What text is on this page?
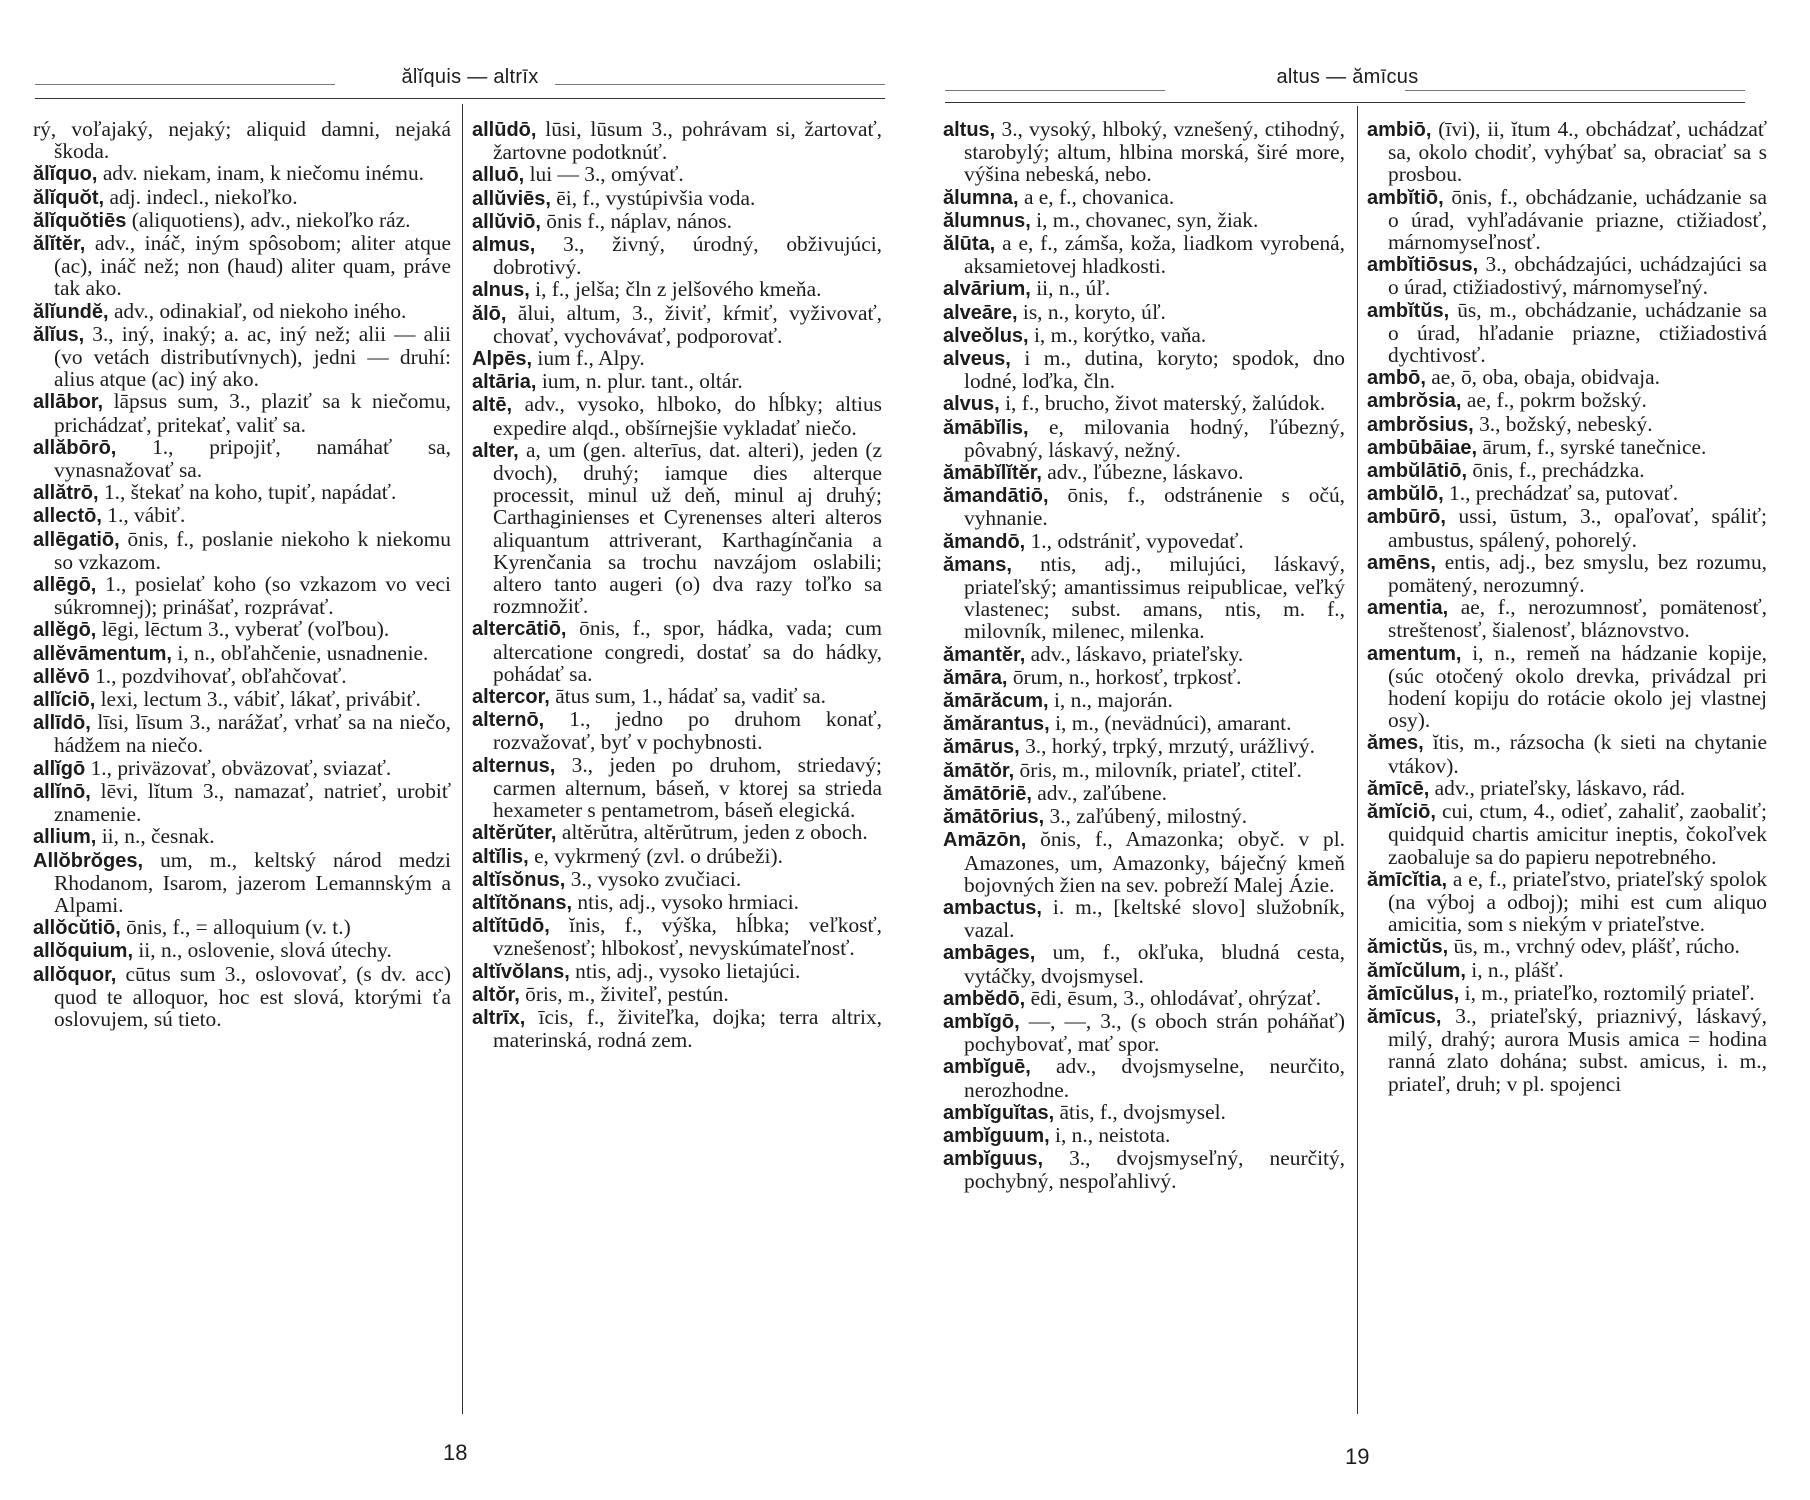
ălĭquis — altrīx

rý, voľajaký, nejaký; aliquid damni, nejaká škoda.

ălĭquo, adv. niekam, inam, k niečomu inému.

ălĭquŏt, adj. indecl., niekoľko.

ălĭquŏtiēs (aliquotiens), adv., niekoľko ráz.

ălĭtĕr, adv., ináč, iným spôsobom; aliter atque (ac), ináč než; non (haud) aliter quam, práve tak ako.

ălĭundĕ, adv., odinakiaľ, od niekoho iného.

ălĭus, 3., iný, inaký; a. ac, iný než; alii — alii (vo vetách distributívnych), jedni — druhí: alius atque (ac) iný ako.

allābor, lāpsus sum, 3., plaziť sa k niečomu, prichádzať, pritekať, valiť sa.

allăbōrō, 1., pripojiť, namáhať sa, vynasnažovať sa.

allătrō, 1., štekať na koho, tupiť, napádať.

allectō, 1., vábiť.

allēgatiō, ōnis, f., poslanie niekoho k niekomu so vzkazom.

allēgō, 1., posielať koho (so vzkazom vo veci súkromnej); prinášať, rozprávať.

allĕgō, lēgi, lēctum 3., vyberať (voľbou).

allĕvāmentum, i, n., obľahčenie, usnadnenie.

allĕvō 1., pozdvihovať, obľahčovať.

allĭciō, lexi, lectum 3., vábiť, lákať, privábiť.

allīdō, līsi, līsum 3., narážať, vrhať sa na niečo, hádžem na niečo.

allĭgō 1., priväzovať, obväzovať, sviazať.

allĭnō, lēvi, lĭtum 3., namazať, natrieť, urobiť znamenie.

allium, ii, n., česnak.

Allŏbrŏges, um, m., keltský národ medzi Rhodanom, Isarom, jazerom Lemannským a Alpami.

allŏcŭtiō, ōnis, f., = alloquium (v. t.)

allŏquium, ii, n., oslovenie, slová útechy.

allŏquor, cūtus sum 3., oslovovať, (s dv. acc) quod te alloquor, hoc est slová, ktorými ťa oslovujem, sú tieto.

allūdō, lūsi, lūsum 3., pohrávam si, žartovať, žartovne podotknúť.

alluō, lui — 3., omývať.

allŭviēs, ēi, f., vystúpivšia voda.

allŭviō, ōnis f., náplav, nános.

almus, 3., živný, úrodný, obživujúci, dobrotivý.

alnus, i, f., jelša; čln z jelšového kmeňa.

ălō, ălui, altum, 3., živiť, kŕmiť, vyživovať, chovať, vychovávať, podporovať.

Alpēs, ium f., Alpy.

altāria, ium, n. plur. tant., oltár.

altē, adv., vysoko, hlboko, do hĺbky; altius expedire alqd., obšírnejšie vykladať niečo.

alter, a, um (gen. alterīus, dat. alteri), jeden (z dvoch), druhý; iamque dies alterque processit, minul už deň, minul aj druhý; Carthaginienses et Cyrenenses alteri alteros aliquantum attriverant, Karthagínčania a Kyrenčania sa trochu navzájom oslabili; altero tanto augeri (o) dva razy toľko sa rozmnožiť.

altercātiō, ōnis, f., spor, hádka, vada; cum altercatione congredi, dostať sa do hádky, pohádať sa.

altercor, ātus sum, 1., hádať sa, vadiť sa.

alternō, 1., jedno po druhom konať, rozvažovať, byť v pochybnosti.

alternus, 3., jeden po druhom, striedavý; carmen alternum, báseň, v ktorej sa strieda hexameter s pentametrom, báseň elegická.

altĕrŭter, altĕrŭtra, altĕrŭtrum, jeden z oboch.

altĭlis, e, vykrmený (zvl. o drúbeži).

altĭsŏnus, 3., vysoko zvučiaci.

altĭtŏnans, ntis, adj., vysoko hrmiaci.

altĭtūdō, ĭnis, f., výška, hĺbka; veľkosť, vznešenosť; hlbokosť, nevyskúmateľnosť.

altĭvŏlans, ntis, adj., vysoko lietajúci.

altŏr, ōris, m., živiteľ, pestún.

altrīx, īcis, f., živiteľka, dojka; terra altrix, materinská, rodná zem.

18
altus — ămīcus

altus, 3., vysoký, hlboký, vznešený, ctihodný, starobylý; altum, hlbina morská, širé more, výšina nebeská, nebo.

ălumna, a e, f., chovanica.

ălumnus, i, m., chovanec, syn, žiak.

ălūta, a e, f., zámša, koža, liadkom vyrobená, aksamietovej hladkosti.

alvārium, ii, n., úľ.

alveāre, is, n., koryto, úľ.

alveŏlus, i, m., korýtko, vaňa.

alveus, i m., dutina, koryto; spodok, dno lodné, loďka, čln.

alvus, i, f., brucho, život materský, žalúdok.

ămābĭlis, e, milovania hodný, ľúbezný, pôvabný, láskavý, nežný.

ămābĭlĭtĕr, adv., ľúbezne, láskavo.

ămandātiō, ōnis, f., odstránenie s očú, vyhnanie.

ămandō, 1., odstrániť, vypovedať.

ămans, ntis, adj., milujúci, láskavý, priateľský; amantissimus reipublicae, veľký vlastenec; subst. amans, ntis, m. f., milovník, milenec, milenka.

ămantĕr, adv., láskavo, priateľsky.

ămāra, ōrum, n., horkosť, trpkosť.

ămārăcum, i, n., majorán.

ămărantus, i, m., (nevädnúci), amarant.

ămārus, 3., horký, trpký, mrzutý, urážlivý.

ămātŏr, ōris, m., milovník, priateľ, ctiteľ.

ămātōriē, adv., zaľúbene.

ămātōrius, 3., zaľúbený, milostný.

Amāzōn, ŏnis, f., Amazonka; obyč. v pl. Amazones, um, Amazonky, báječný kmeň bojovných žien na sev. pobreží Malej Ázie.

ambactus, i. m., [keltské slovo] služobník, vazal.

ambāges, um, f., okľuka, bludná cesta, vytáčky, dvojsmysel.

ambĕdō, ēdi, ēsum, 3., ohlodávať, ohrýzať.

ambĭgō, —, —, 3., (s oboch strán poháňať) pochybovať, mať spor.

ambĭguē, adv., dvojsmyselne, neurčito, nerozhodne.

ambĭguĭtas, ātis, f., dvojsmysel.

ambĭguum, i, n., neistota.

ambĭguus, 3., dvojsmyseľný, neurčitý, pochybný, nespoľahlivý.

ambiō, (īvi), ii, ĭtum 4., obchádzať, uchádzať sa, okolo chodiť, vyhýbať sa, obraciať sa s prosbou.

ambĭtiō, ōnis, f., obchádzanie, uchádzanie sa o úrad, vyhľadávanie priazne, ctižiadosť, márnomyseľnosť.

ambĭtiōsus, 3., obchádzajúci, uchádzajúci sa o úrad, ctižiadostivý, márnomyseľný.

ambĭtŭs, ūs, m., obchádzanie, uchádzanie sa o úrad, hľadanie priazne, ctižiadostivá dychtivosť.

ambō, ae, ō, oba, obaja, obidvaja.

ambrŏsia, ae, f., pokrm božský.

ambrŏsius, 3., božský, nebeský.

ambūbāiae, ārum, f., syrské tanečnice.

ambŭlātiō, ōnis, f., prechádzka.

ambŭlō, 1., prechádzať sa, putovať.

ambūrō, ussi, ūstum, 3., opaľovať, spáliť; ambustus, spálený, pohorelý.

amēns, entis, adj., bez smyslu, bez rozumu, pomätený, nerozumný.

amentia, ae, f., nerozumnosť, pomätenosť, streštenosť, šialenosť, bláznovstvo.

amentum, i, n., remeň na hádzanie kopije, (súc otočený okolo drevka, privádzal pri hodení kopiju do rotácie okolo jej vlastnej osy).

ămes, ĭtis, m., rázsocha (k sieti na chytanie vtákov).

ămīcē, adv., priateľsky, láskavo, rád.

ămĭciō, cui, ctum, 4., odieť, zahaliť, zaobaliť; quidquid chartis amicitur ineptis, čokoľvek zaobaluje sa do papieru nepotrebného.

ămīcĭtia, a e, f., priateľstvo, priateľský spolok (na výboj a odboj); mihi est cum aliquo amicitia, som s niekým v priateľstve.

ămictŭs, ūs, m., vrchný odev, plášť, rúcho.

ămĭcŭlum, i, n., plášť.

ămīcŭlus, i, m., priateľko, roztomilý priateľ.

ămīcus, 3., priateľský, priaznivý, láskavý, milý, drahý; aurora Musis amica = hodina ranná zlato dohána; subst. amicus, i. m., priateľ, druh; v pl. spojenci

19
